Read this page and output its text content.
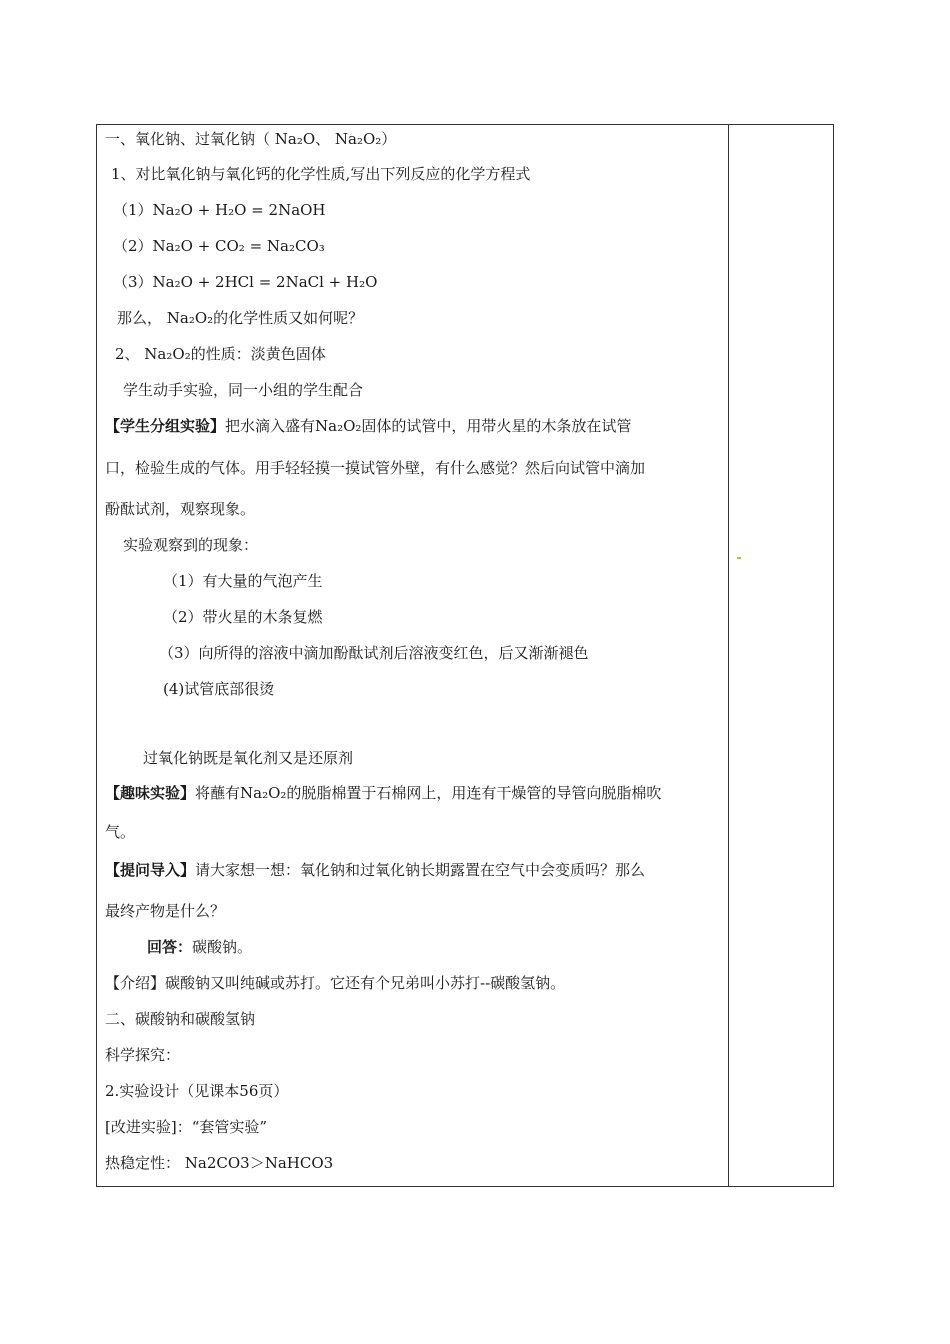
一、氧化钠、过氧化钠（ Na₂O、 Na₂O₂）
1、对比氧化钠与氧化钙的化学性质,写出下列反应的化学方程式
（1）Na₂O + H₂O = 2NaOH
（2）Na₂O + CO₂ = Na₂CO₃
（3）Na₂O + 2HCl = 2NaCl + H₂O
那么， Na₂O₂的化学性质又如何呢？
2、 Na₂O₂的性质：淡黄色固体
学生动手实验，同一小组的学生配合
【学生分组实验】把水滴入盛有Na₂O₂固体的试管中，用带火星的木条放在试管
口，检验生成的气体。用手轻轻摸一摸试管外壁，有什么感觉？然后向试管中滴加
酚酞试剂，观察现象。
实验观察到的现象：
（1）有大量的气泡产生
（2）带火星的木条复燃
（3）向所得的溶液中滴加酚酞试剂后溶液变红色，后又渐渐褪色
(4)试管底部很烫
过氧化钠既是氧化剂又是还原剂
【趣味实验】将蘸有Na₂O₂的脱脂棉置于石棉网上，用连有干燥管的导管向脱脂棉吹
气。
【提问导入】请大家想一想：氧化钠和过氧化钠长期露置在空气中会变质吗？那么
最终产物是什么？
回答：碳酸钠。
【介绍】碳酸钠又叫纯碱或苏打。它还有个兄弟叫小苏打--碳酸氢钠。
二、碳酸钠和碳酸氢钠
科学探究：
2.实验设计（见课本56页）
[改进实验]：“套管实验”
热稳定性： Na2CO3＞NaHCO3
